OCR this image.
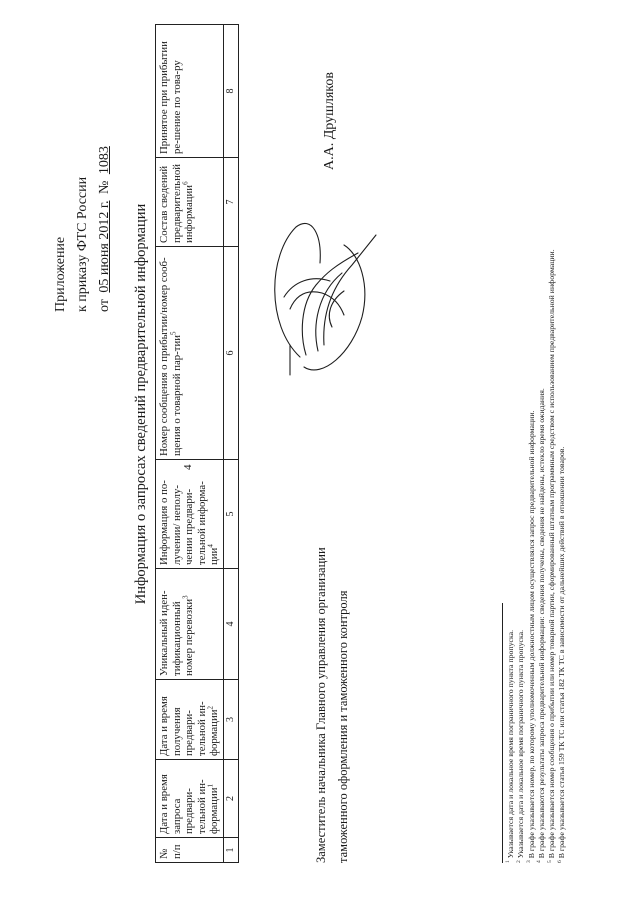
4
Приложение к приказу ФТС России от 05 июня 2012 г. № 1083
Информация о запросах сведений предварительной информации
№ п/п	Дата и время запроса предвари-тельной ин-формации$^1$	Дата и время получения предвари-тельной ин-формации$^2$	Уникальный иден-тификационный номер перевозки$^3$	Информация о по-лучении/ неполу-чении предвари-тельной информа-ции$^4$	Номер сообщения о прибытии/номер сооб-щения о товарной пар-тии$^5$	Состав сведений предварительной информации$^6$	Принятое при прибытии ре-шение по това-ру
1	2	3	4	5	6	7	8
Заместитель начальника Главного управления организации таможенного оформления и таможенного контроля
А.А. Друшляков
$^1$Указывается дата и локальное время пограничного пункта пропуска.
$^2$Указывается дата и локальное время пограничного пункта пропуска.
$^3$В графе указывается номер, по которому уполномоченным должностным лицом осуществлялся запрос предварительной информации.
$^4$В графе указываются результаты запроса предварительной информации: сведения получены, сведения не найдены, истекло время ожидания.
$^5$В графе указывается номер сообщения о прибытии или номер товарной партии, сформированный штатным программным средством с использованием предварительной информации.
$^6$В графе указывается статья 159 ТК ТС или статья 182 ТК ТС в зависимости от дальнейших действий в отношении товаров.
